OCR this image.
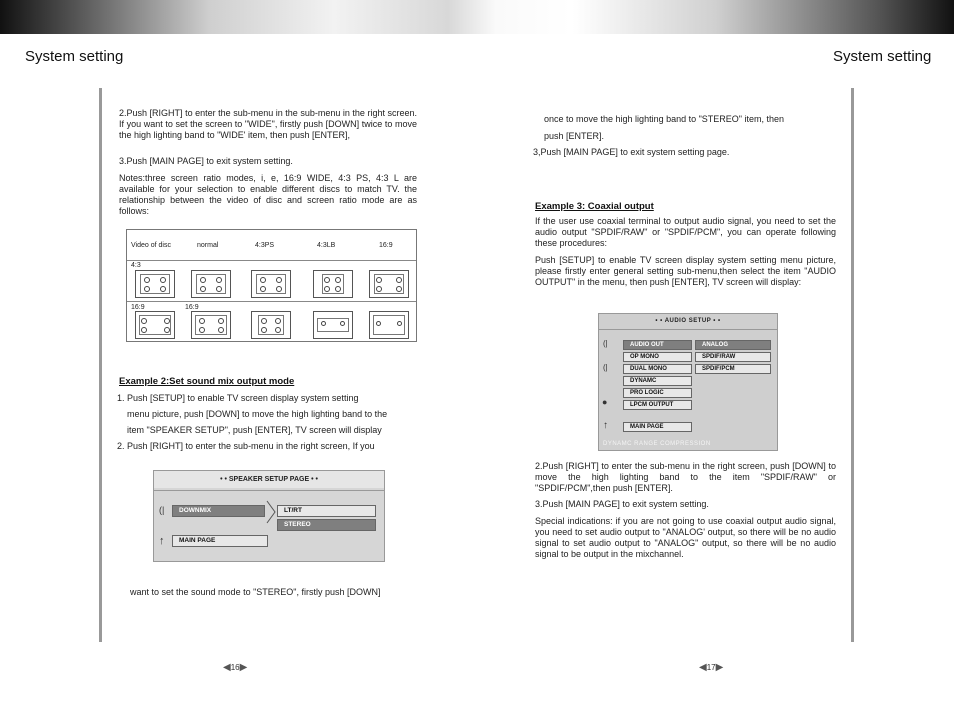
System setting
2.Push [RIGHT] to enter the sub-menu in the sub-menu in the right screen. If you want to set the screen to "WIDE", firstly push [DOWN] twice to move the high lighting band to "WIDE' item, then push [ENTER],
3.Push [MAIN PAGE] to exit system setting.
Notes:three screen ratio modes, i, e, 16:9 WIDE, 4:3 PS, 4:3 L are available for your selection to enable different discs to match TV. the relationship between the video of disc and screen ratio mode are as follows:
Video of disc	normal	4:3PS	4:3LB	16:9
4:3
16:9	16:9
Example 2:Set sound mix output mode
1. Push [SETUP] to enable TV screen display system setting
menu picture, push [DOWN] to move the high lighting band to the
item "SPEAKER SETUP", push [ENTER], TV screen will display
2. Push [RIGHT] to enter the sub-menu in the right screen, If you
• • SPEAKER SETUP PAGE • •
(|	DOWNMIX	LT/RT
STEREO
↑	MAIN PAGE
want to set the sound mode to "STEREO", firstly push [DOWN]
◀16▶
System setting
once to move the high lighting band to "STEREO" item, then
push [ENTER].
3,Push [MAIN PAGE] to exit system setting page.
Example 3: Coaxial output
If the user use coaxial terminal to output audio signal, you need to set the audio output "SPDIF/RAW" or "SPDIF/PCM", you can operate following these procedures:
Push [SETUP] to enable TV screen display system setting menu picture, please firstly enter general setting sub-menu,then select the item "AUDIO OUTPUT" in the menu, then push [ENTER], TV screen will display:
• • AUDIO SETUP • •
(|	AUDIO OUT
OP MONO
(|	DUAL MONO
DYNAMC
PRO LOGIC
●	LPCM OUTPUT
↑	MAIN PAGE
ANALOG
SPDIF/RAW
SPDIF/PCM
DYNAMC RANGE COMPRESSION
2.Push [RIGHT] to enter the sub-menu in the right screen, push [DOWN] to move the high lighting band to the item "SPDIF/RAW" or "SPDIF/PCM",then push [ENTER].
3.Push [MAIN PAGE] to exit system setting.
Special indications: if you are not going to use coaxial output audio signal, you need to set audio output to "ANALOG' output, so there will be no audio signal to set audio output to "ANALOG" output, so there will be no audio signal to be output in the mixchannel.
◀17▶
